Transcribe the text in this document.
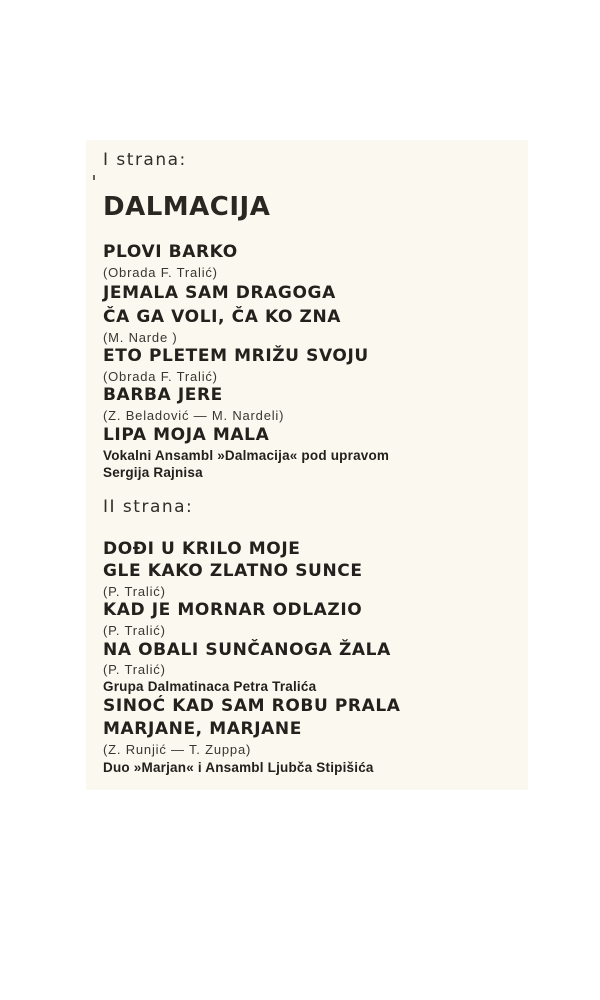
I strana:
DALMACIJA
PLOVI BARKO
(Obrada F. Tralić)
JEMALA SAM DRAGOGA
ČA GA VOLI, ČA KO ZNA
(M. Narde )
ETO PLETEM MRIŽU SVOJU
(Obrada F. Tralić)
BARBA JERE
(Z. Beladović — M. Nardeli)
LIPA MOJA MALA
Vokalni Ansambl »Dalmacija« pod upravom
Sergija Rajnisa
II strana:
DOĐI U KRILO MOJE
GLE KAKO ZLATNO SUNCE
(P. Tralić)
KAD JE MORNAR ODLAZIO
(P. Tralić)
NA OBALI SUNČANOGA ŽALA
(P. Tralić)
Grupa Dalmatinaca Petra Tralića
SINOĆ KAD SAM ROBU PRALA
MARJANE, MARJANE
(Z. Runjić — T. Zuppa)
Duo »Marjan« i Ansambl Ljubča Stipišića
